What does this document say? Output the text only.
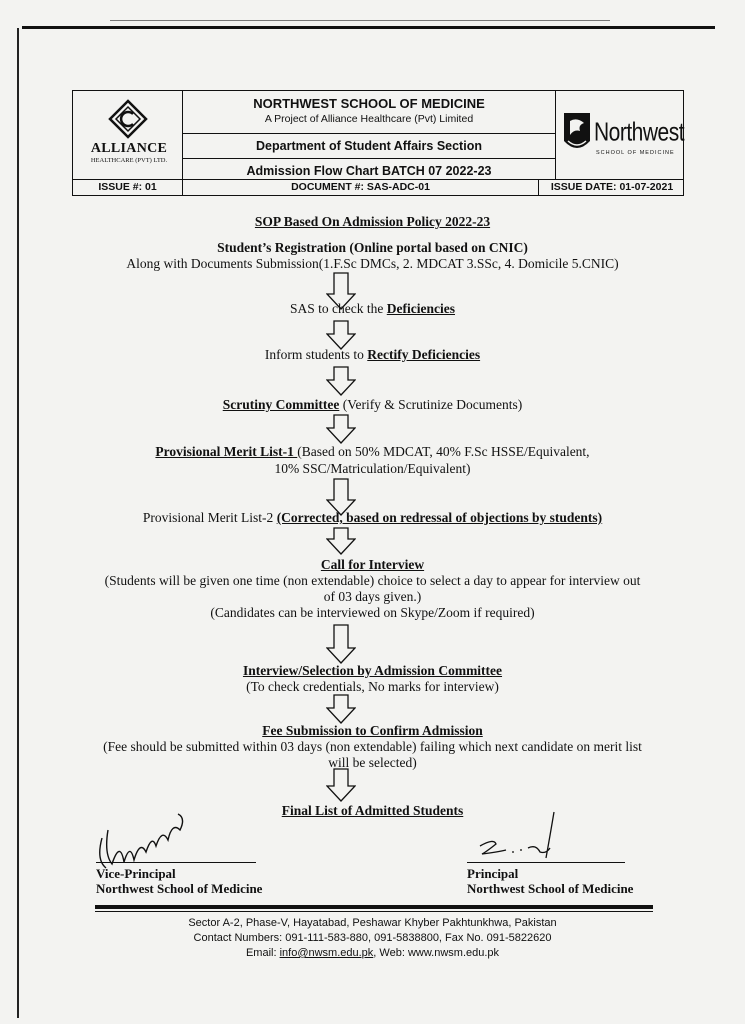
ALLIANCE
HEALTHCARE (PVT) LTD.
NORTHWEST SCHOOL OF MEDICINE
A Project of Alliance Healthcare (Pvt) Limited
Department of Student Affairs Section
Admission Flow Chart BATCH 07 2022-23
Northwest
SCHOOL OF MEDICINE
ISSUE #: 01	DOCUMENT #: SAS-ADC-01	ISSUE DATE: 01-07-2021
SOP Based On Admission Policy 2022-23
Student’s Registration (Online portal based on CNIC)
Along with Documents Submission(1.F.Sc DMCs, 2. MDCAT 3.SSc, 4. Domicile 5.CNIC)
SAS to check the Deficiencies
Inform students to Rectify Deficiencies
Scrutiny Committee (Verify & Scrutinize Documents)
Provisional Merit List-1 (Based on 50% MDCAT, 40% F.Sc HSSE/Equivalent,
10% SSC/Matriculation/Equivalent)
Provisional Merit List-2 (Corrected, based on redressal of objections by students)
Call for Interview
(Students will be given one time (non extendable) choice to select a day to appear for interview out
of 03 days given.)
(Candidates can be interviewed on Skype/Zoom if required)
Interview/Selection by Admission Committee
(To check credentials, No marks for interview)
Fee Submission to Confirm Admission
(Fee should be submitted within 03 days (non extendable) failing which next candidate on merit list
will be selected)
Final List of Admitted Students
Vice-Principal
Northwest School of Medicine
Principal
Northwest School of Medicine
Sector A-2, Phase-V, Hayatabad, Peshawar Khyber Pakhtunkhwa, Pakistan
Contact Numbers: 091-111-583-880, 091-5838800, Fax No. 091-5822620
Email: info@nwsm.edu.pk, Web: www.nwsm.edu.pk
